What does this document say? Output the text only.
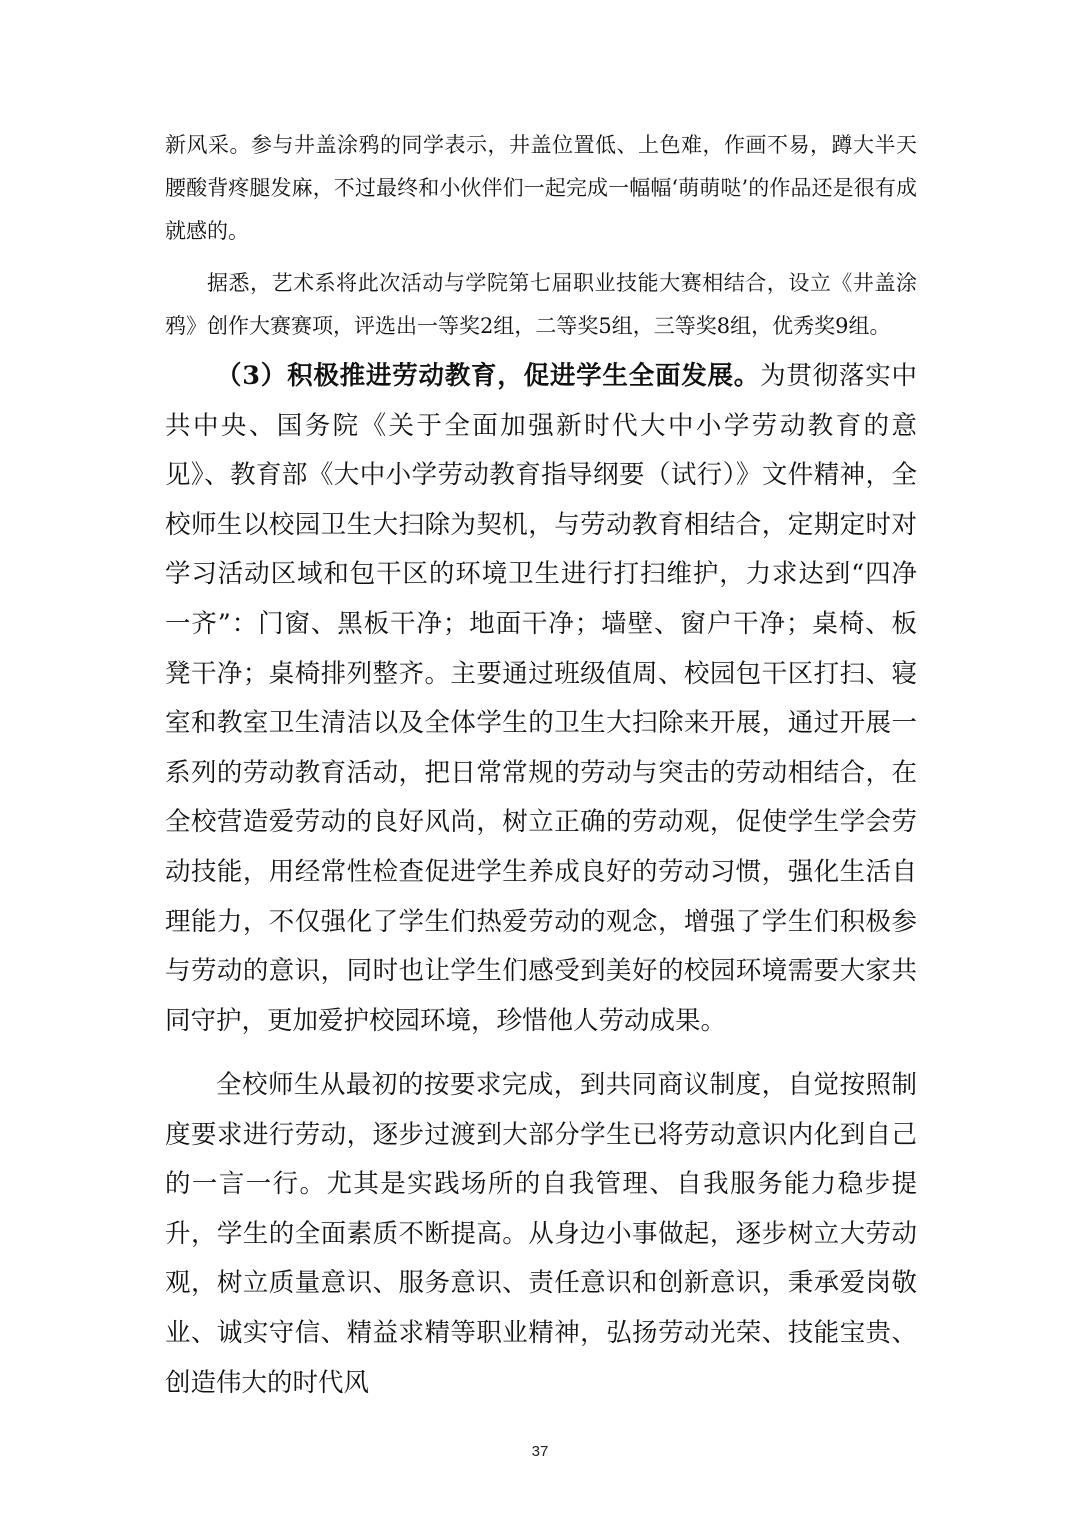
新风采。参与井盖涂鸦的同学表示，井盖位置低、上色难，作画不易，蹲大半天腰酸背疼腿发麻，不过最终和小伙伴们一起完成一幅幅‘萌萌哒’的作品还是很有成就感的。

据悉，艺术系将此次活动与学院第七届职业技能大赛相结合，设立《井盖涂鸦》创作大赛赛项，评选出一等奖2组，二等奖5组，三等奖8组，优秀奖9组。

（3）积极推进劳动教育，促进学生全面发展。为贯彻落实中共中央、国务院《关于全面加强新时代大中小学劳动教育的意见》、教育部《大中小学劳动教育指导纲要（试行）》文件精神，全校师生以校园卫生大扫除为契机，与劳动教育相结合，定期定时对学习活动区域和包干区的环境卫生进行打扫维护，力求达到“四净一齐”：门窗、黑板干净；地面干净；墙壁、窗户干净；桌椅、板凳干净；桌椅排列整齐。主要通过班级值周、校园包干区打扫、寝室和教室卫生清洁以及全体学生的卫生大扫除来开展，通过开展一系列的劳动教育活动，把日常常规的劳动与突击的劳动相结合，在全校营造爱劳动的良好风尚，树立正确的劳动观，促使学生学会劳动技能，用经常性检查促进学生养成良好的劳动习惯，强化生活自理能力，不仅强化了学生们热爱劳动的观念，增强了学生们积极参与劳动的意识，同时也让学生们感受到美好的校园环境需要大家共同守护，更加爱护校园环境，珍惜他人劳动成果。

全校师生从最初的按要求完成，到共同商议制度，自觉按照制度要求进行劳动，逐步过渡到大部分学生已将劳动意识内化到自己的一言一行。尤其是实践场所的自我管理、自我服务能力稳步提升，学生的全面素质不断提高。从身边小事做起，逐步树立大劳动观，树立质量意识、服务意识、责任意识和创新意识，秉承爱岗敬业、诚实守信、精益求精等职业精神，弘扬劳动光荣、技能宝贵、创造伟大的时代风

37
